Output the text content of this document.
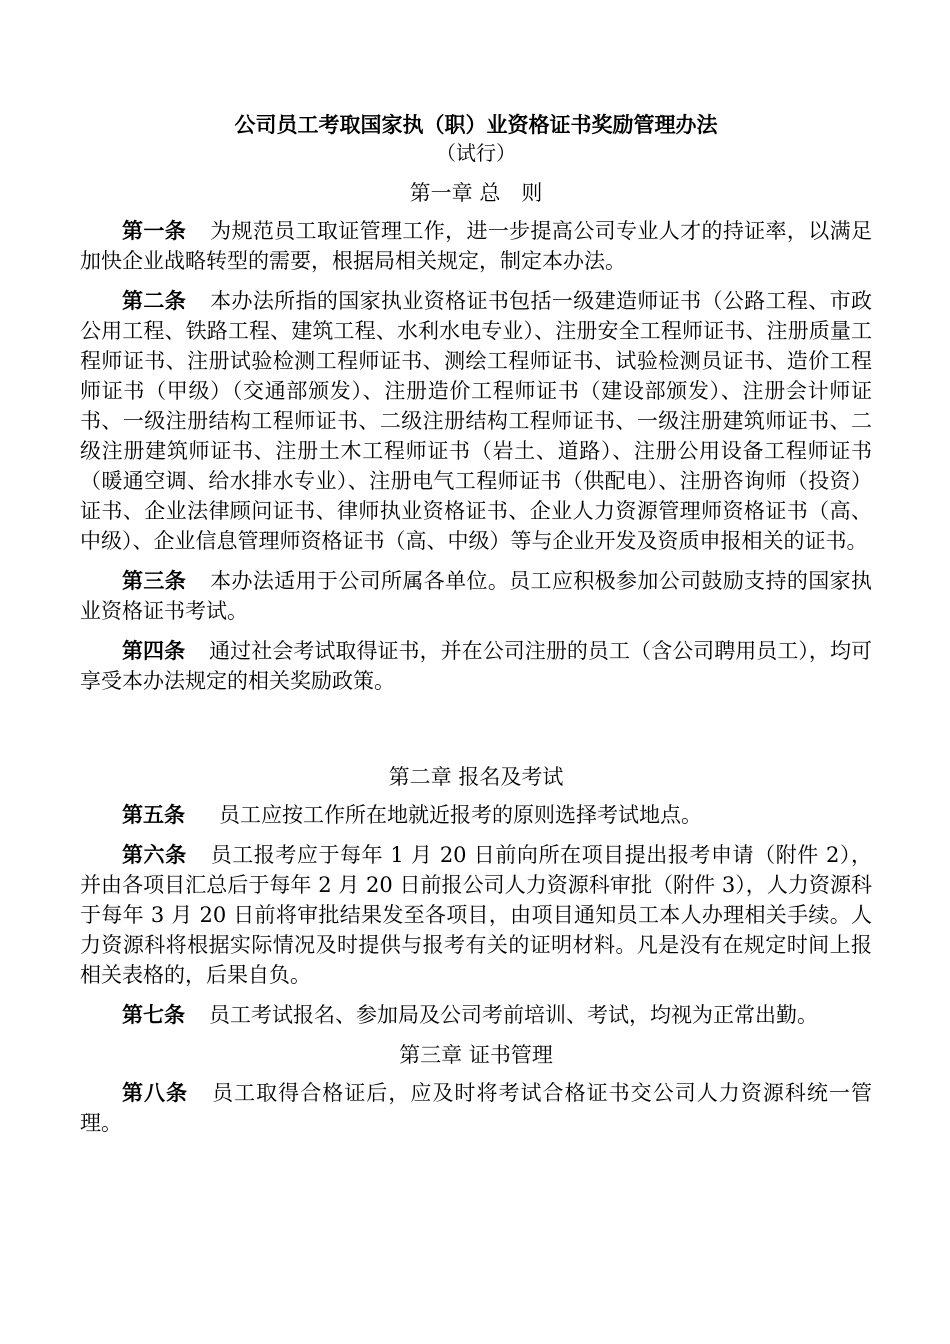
公司员工考取国家执（职）业资格证书奖励管理办法
（试行）
第一章 总　则

第一条 为规范员工取证管理工作，进一步提高公司专业人才的持证率，以满足加快企业战略转型的需要，根据局相关规定，制定本办法。

第二条 本办法所指的国家执业资格证书包括一级建造师证书（公路工程、市政公用工程、铁路工程、建筑工程、水利水电专业）、注册安全工程师证书、注册质量工程师证书、注册试验检测工程师证书、测绘工程师证书、试验检测员证书、造价工程师证书（甲级）（交通部颁发）、注册造价工程师证书（建设部颁发）、注册会计师证书、一级注册结构工程师证书、二级注册结构工程师证书、一级注册建筑师证书、二级注册建筑师证书、注册土木工程师证书（岩土、道路）、注册公用设备工程师证书（暖通空调、给水排水专业）、注册电气工程师证书（供配电）、注册咨询师（投资）证书、企业法律顾问证书、律师执业资格证书、企业人力资源管理师资格证书（高、中级）、企业信息管理师资格证书（高、中级）等与企业开发及资质申报相关的证书。

第三条 本办法适用于公司所属各单位。员工应积极参加公司鼓励支持的国家执业资格证书考试。

第四条 通过社会考试取得证书，并在公司注册的员工（含公司聘用员工），均可享受本办法规定的相关奖励政策。

第二章 报名及考试

第五条 员工应按工作所在地就近报考的原则选择考试地点。

第六条 员工报考应于每年 1 月 20 日前向所在项目提出报考申请（附件 2），并由各项目汇总后于每年 2 月 20 日前报公司人力资源科审批（附件 3），人力资源科于每年 3 月 20 日前将审批结果发至各项目，由项目通知员工本人办理相关手续。人力资源科将根据实际情况及时提供与报考有关的证明材料。凡是没有在规定时间上报相关表格的，后果自负。

第七条 员工考试报名、参加局及公司考前培训、考试，均视为正常出勤。

第三章 证书管理

第八条 员工取得合格证后，应及时将考试合格证书交公司人力资源科统一管理。
